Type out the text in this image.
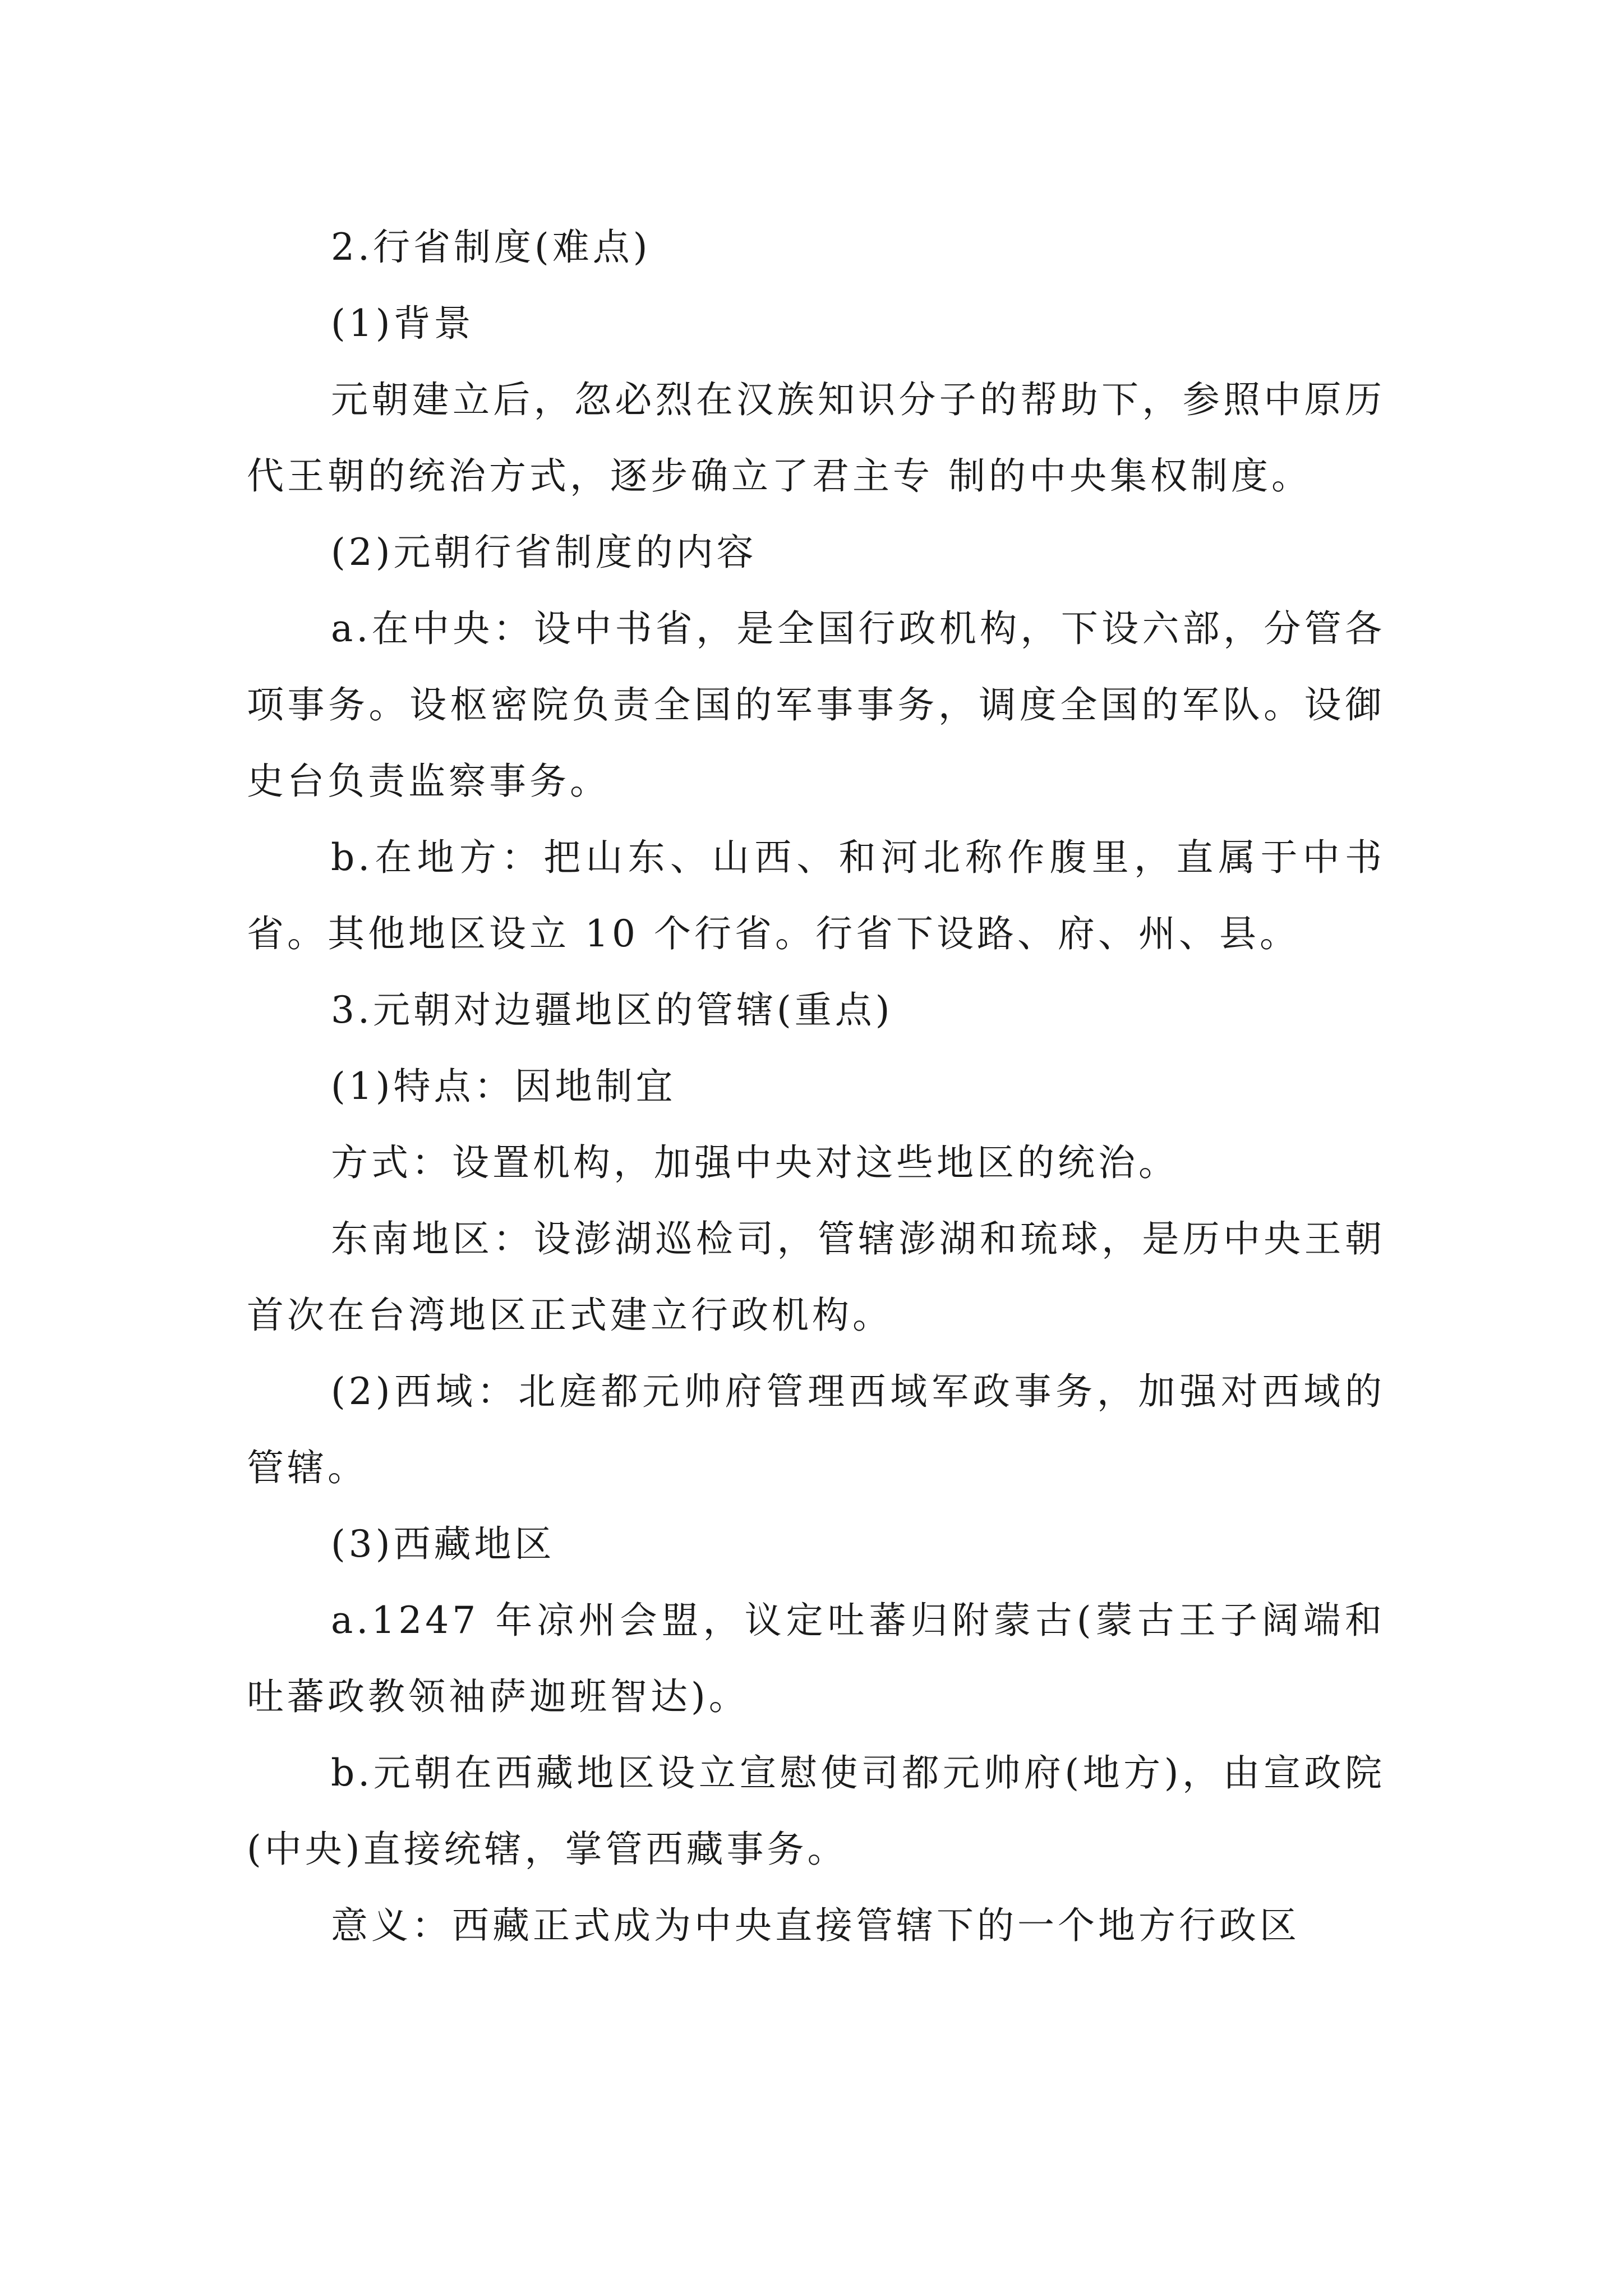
2.行省制度(难点)

(1)背景

元朝建立后，忽必烈在汉族知识分子的帮助下，参照中原历代王朝的统治方式，逐步确立了君主专 制的中央集权制度。

(2)元朝行省制度的内容

a.在中央：设中书省，是全国行政机构，下设六部，分管各项事务。设枢密院负责全国的军事事务，调度全国的军队。设御史台负责监察事务。

b.在地方：把山东、山西、和河北称作腹里，直属于中书省。其他地区设立 10 个行省。行省下设路、府、州、县。

3.元朝对边疆地区的管辖(重点)

(1)特点：因地制宜

方式：设置机构，加强中央对这些地区的统治。

东南地区：设澎湖巡检司，管辖澎湖和琉球，是历中央王朝首次在台湾地区正式建立行政机构。

(2)西域：北庭都元帅府管理西域军政事务，加强对西域的管辖。

(3)西藏地区

a.1247 年凉州会盟，议定吐蕃归附蒙古(蒙古王子阔端和吐蕃政教领袖萨迦班智达)。

b.元朝在西藏地区设立宣慰使司都元帅府(地方)，由宣政院(中央)直接统辖，掌管西藏事务。

意义：西藏正式成为中央直接管辖下的一个地方行政区
